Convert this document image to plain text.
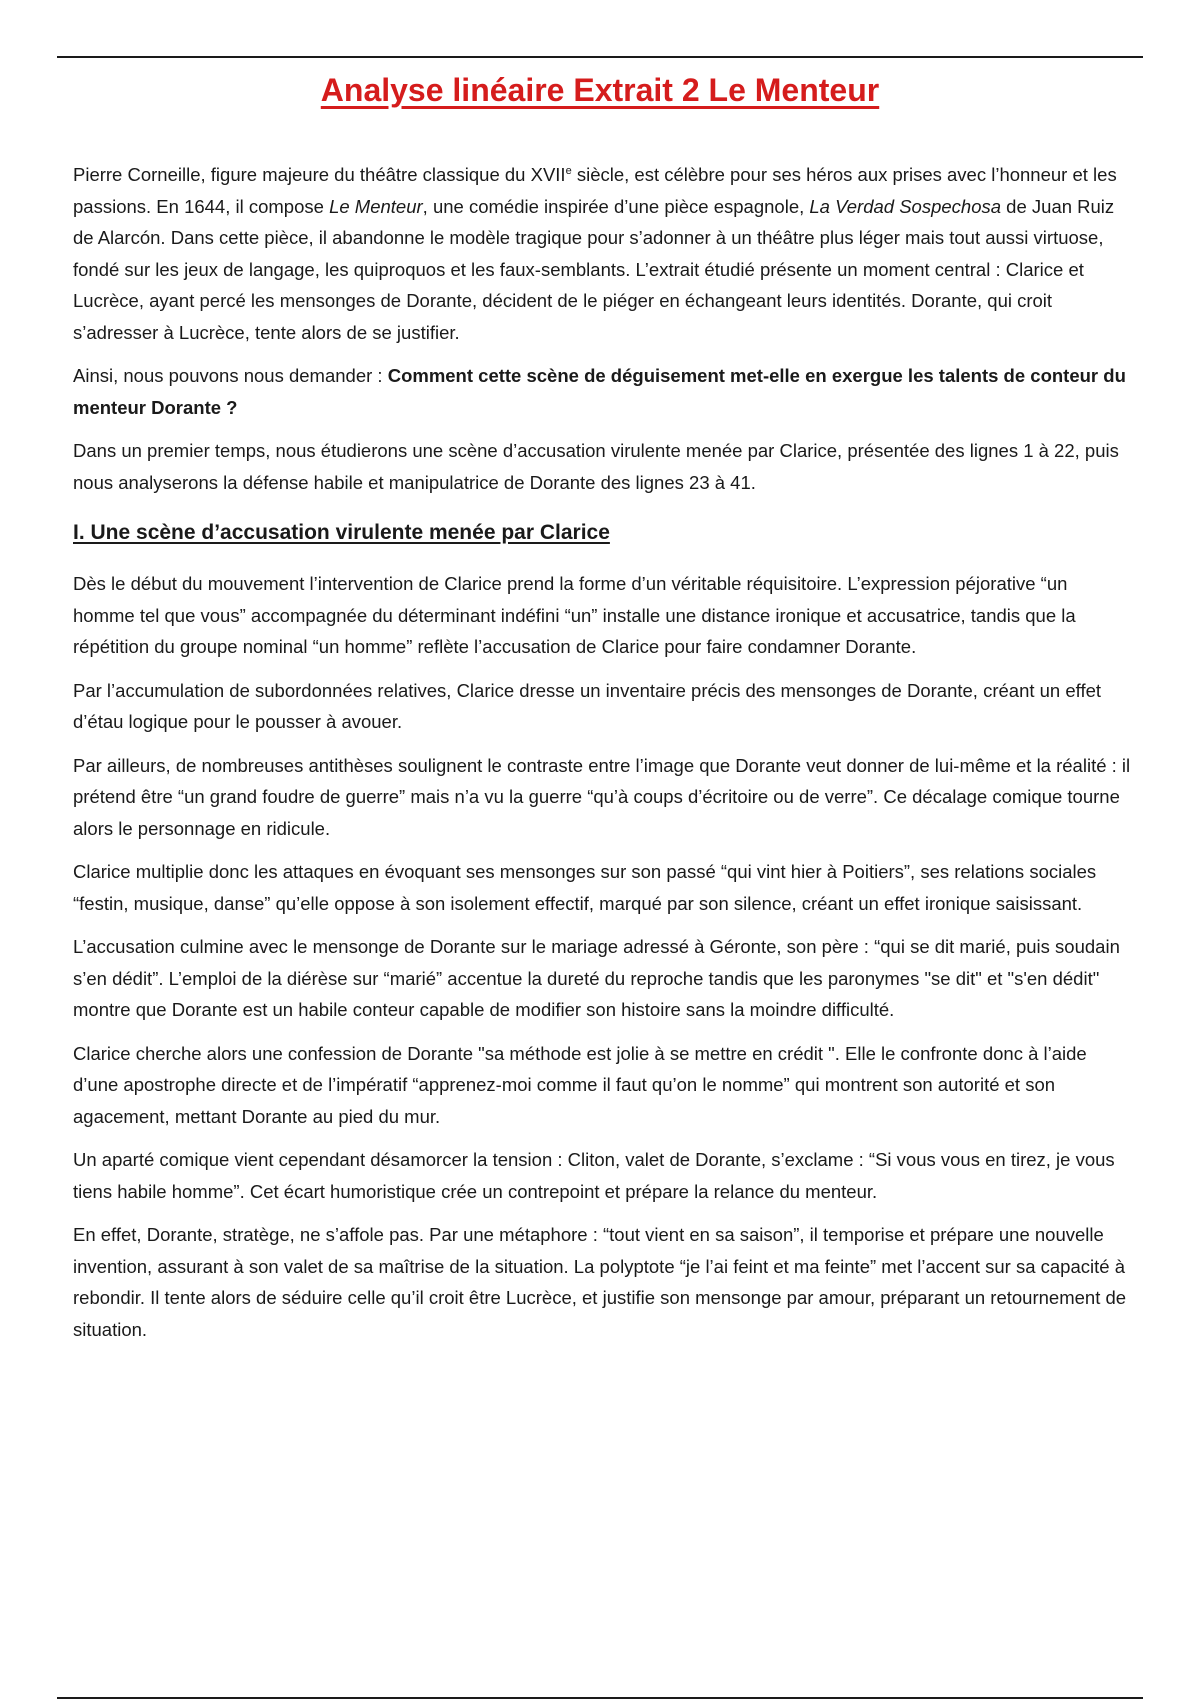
Analyse linéaire Extrait 2 Le Menteur

Pierre Corneille, figure majeure du théâtre classique du XVIIe siècle, est célèbre pour ses héros aux prises avec l’honneur et les passions. En 1644, il compose Le Menteur, une comédie inspirée d’une pièce espagnole, La Verdad Sospechosa de Juan Ruiz de Alarcón. Dans cette pièce, il abandonne le modèle tragique pour s’adonner à un théâtre plus léger mais tout aussi virtuose, fondé sur les jeux de langage, les quiproquos et les faux-semblants. L’extrait étudié présente un moment central : Clarice et Lucrèce, ayant percé les mensonges de Dorante, décident de le piéger en échangeant leurs identités. Dorante, qui croit s’adresser à Lucrèce, tente alors de se justifier.

Ainsi, nous pouvons nous demander : Comment cette scène de déguisement met-elle en exergue les talents de conteur du menteur Dorante ?

Dans un premier temps, nous étudierons une scène d’accusation virulente menée par Clarice, présentée des lignes 1 à 22, puis nous analyserons la défense habile et manipulatrice de Dorante des lignes 23 à 41.

I. Une scène d’accusation virulente menée par Clarice

Dès le début du mouvement l’intervention de Clarice prend la forme d’un véritable réquisitoire. L’expression péjorative “un homme tel que vous” accompagnée du déterminant indéfini “un” installe une distance ironique et accusatrice, tandis que la répétition du groupe nominal “un homme” reflète l’accusation de Clarice pour faire condamner Dorante.

Par l’accumulation de subordonnées relatives, Clarice dresse un inventaire précis des mensonges de Dorante, créant un effet d’étau logique pour le pousser à avouer.

Par ailleurs, de nombreuses antithèses soulignent le contraste entre l’image que Dorante veut donner de lui-même et la réalité : il prétend être “un grand foudre de guerre” mais n’a vu la guerre “qu’à coups d’écritoire ou de verre”. Ce décalage comique tourne alors le personnage en ridicule.

Clarice multiplie donc les attaques en évoquant ses mensonges sur son passé “qui vint hier à Poitiers”, ses relations sociales “festin, musique, danse” qu’elle oppose à son isolement effectif, marqué par son silence, créant un effet ironique saisissant.

L’accusation culmine avec le mensonge de Dorante sur le mariage adressé à Géronte, son père : “qui se dit marié, puis soudain s’en dédit”. L’emploi de la diérèse sur “marié” accentue la dureté du reproche tandis que les paronymes "se dit" et "s'en dédit" montre que Dorante est un habile conteur capable de modifier son histoire sans la moindre difficulté.

Clarice cherche alors une confession de Dorante "sa méthode est jolie à se mettre en crédit ". Elle le confronte donc à l’aide d’une apostrophe directe et de l’impératif “apprenez-moi comme il faut qu’on le nomme” qui montrent son autorité et son agacement, mettant Dorante au pied du mur.

Un aparté comique vient cependant désamorcer la tension : Cliton, valet de Dorante, s’exclame : “Si vous vous en tirez, je vous tiens habile homme”. Cet écart humoristique crée un contrepoint et prépare la relance du menteur.

En effet, Dorante, stratège, ne s’affole pas. Par une métaphore : “tout vient en sa saison”, il temporise et prépare une nouvelle invention, assurant à son valet de sa maîtrise de la situation. La polyptote “je l’ai feint et ma feinte” met l’accent sur sa capacité à rebondir. Il tente alors de séduire celle qu’il croit être Lucrèce, et justifie son mensonge par amour, préparant un retournement de situation.
